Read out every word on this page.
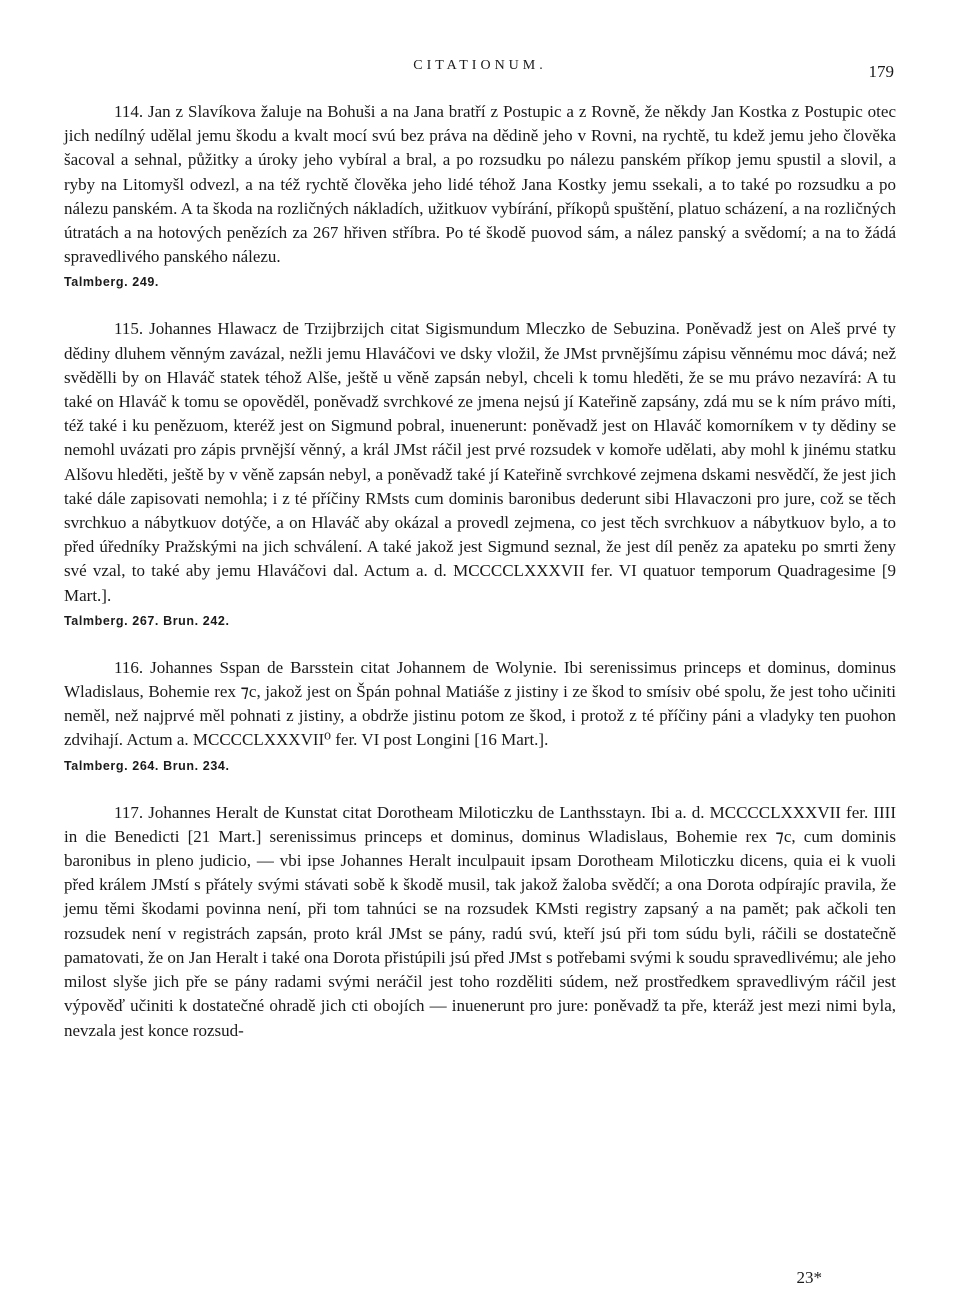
CITATIONUM.	179

114. Jan z Slavíkova žaluje na Bohuši a na Jana bratří z Postupic a z Rovně, že někdy Jan Kostka z Postupic otec jich nedílný udělal jemu škodu a kvalt mocí svú bez práva na dědině jeho v Rovni, na rychtě, tu kdež jemu jeho člověka šacoval a sehnal, půžitky a úroky jeho vybíral a bral, a po rozsudku po nálezu panském příkop jemu spustil a slovil, a ryby na Litomyšl odvezl, a na též rychtě člověka jeho lidé téhož Jana Kostky jemu ssekali, a to také po rozsudku a po nálezu panském. A ta škoda na rozličných nákladích, užitkuov vybírání, příkopů spuštění, platuo scházení, a na rozličných útratách a na hotových penězích za 267 hřiven stříbra. Po té škodě puovod sám, a nález panský a svědomí; a na to žádá spravedlivého panského nálezu.

Talmberg. 249.

115. Johannes Hlawacz de Trzijbrzijch citat Sigismundum Mleczko de Sebuzina. Poněvadž jest on Aleš prvé ty dědiny dluhem věnným zavázal, nežli jemu Hlaváčovi ve dsky vložil, že JMst prvnějšímu zápisu věnnému moc dává; než svědělli by on Hlaváč statek téhož Alše, ještě u věně zapsán nebyl, chceli k tomu hleděti, že se mu právo nezavírá: A tu také on Hlaváč k tomu se opověděl, poněvadž svrchkové ze jmena nejsú jí Kateřině zapsány, zdá mu se k ním právo míti, též také i ku penězuom, kteréž jest on Sigmund pobral, inuenerunt: poněvadž jest on Hlaváč komorníkem v ty dědiny se nemohl uvázati pro zápis prvnější věnný, a král JMst ráčil jest prvé rozsudek v komoře udělati, aby mohl k jinému statku Alšovu hleděti, ještě by v věně zapsán nebyl, a poněvadž také jí Kateřině svrchkové zejmena dskami nesvědčí, že jest jich také dále zapisovati nemohla; i z té příčiny RMsts cum dominis baronibus dederunt sibi Hlavaczoni pro jure, což se těch svrchkuo a nábytkuov dotýče, a on Hlaváč aby okázal a provedl zejmena, co jest těch svrchkuov a nábytkuov bylo, a to před úředníky Pražskými na jich schválení. A také jakož jest Sigmund seznal, že jest díl peněz za apateku po smrti ženy své vzal, to také aby jemu Hlaváčovi dal. Actum a. d. MCCCCLXXXVII fer. VI quatuor temporum Quadragesime [9 Mart.].

Talmberg. 267. Brun. 242.

116. Johannes Sspan de Barsstein citat Johannem de Wolynie. Ibi serenissimus princeps et dominus, dominus Wladislaus, Bohemie rex ⁊c, jakož jest on Špán pohnal Matiáše z jistiny i ze škod to smísiv obé spolu, že jest toho učiniti neměl, než najprvé měl pohnati z jistiny, a obdrže jistinu potom ze škod, i protož z té příčiny páni a vladyky ten puohon zdvihají. Actum a. MCCCCLXXXVII⁰ fer. VI post Longini [16 Mart.].

Talmberg. 264. Brun. 234.

117. Johannes Heralt de Kunstat citat Dorotheam Miloticzku de Lanthsstayn. Ibi a. d. MCCCCLXXXVII fer. IIII in die Benedicti [21 Mart.] serenissimus princeps et dominus, dominus Wladislaus, Bohemie rex ⁊c, cum dominis baronibus in pleno judicio, — vbi ipse Johannes Heralt inculpauit ipsam Dorotheam Miloticzku dicens, quia ei k vuoli před králem JMstí s přátely svými stávati sobě k škodě musil, tak jakož žaloba svědčí; a ona Dorota odpírajíc pravila, že jemu těmi škodami povinna není, při tom tahnúci se na rozsudek KMsti registry zapsaný a na pamět; pak ačkoli ten rozsudek není v registrách zapsán, proto král JMst se pány, radú svú, kteří jsú při tom súdu byli, ráčili se dostatečně pamatovati, že on Jan Heralt i také ona Dorota přistúpili jsú před JMst s potřebami svými k soudu spravedlivému; ale jeho milost slyše jich pře se pány radami svými neráčil jest toho rozděliti súdem, než prostředkem spravedlivým ráčil jest výpověď učiniti k dostatečné ohradě jich cti obojích — inuenerunt pro jure: poněvadž ta pře, kteráž jest mezi nimi byla, nevzala jest konce rozsud-

23*
